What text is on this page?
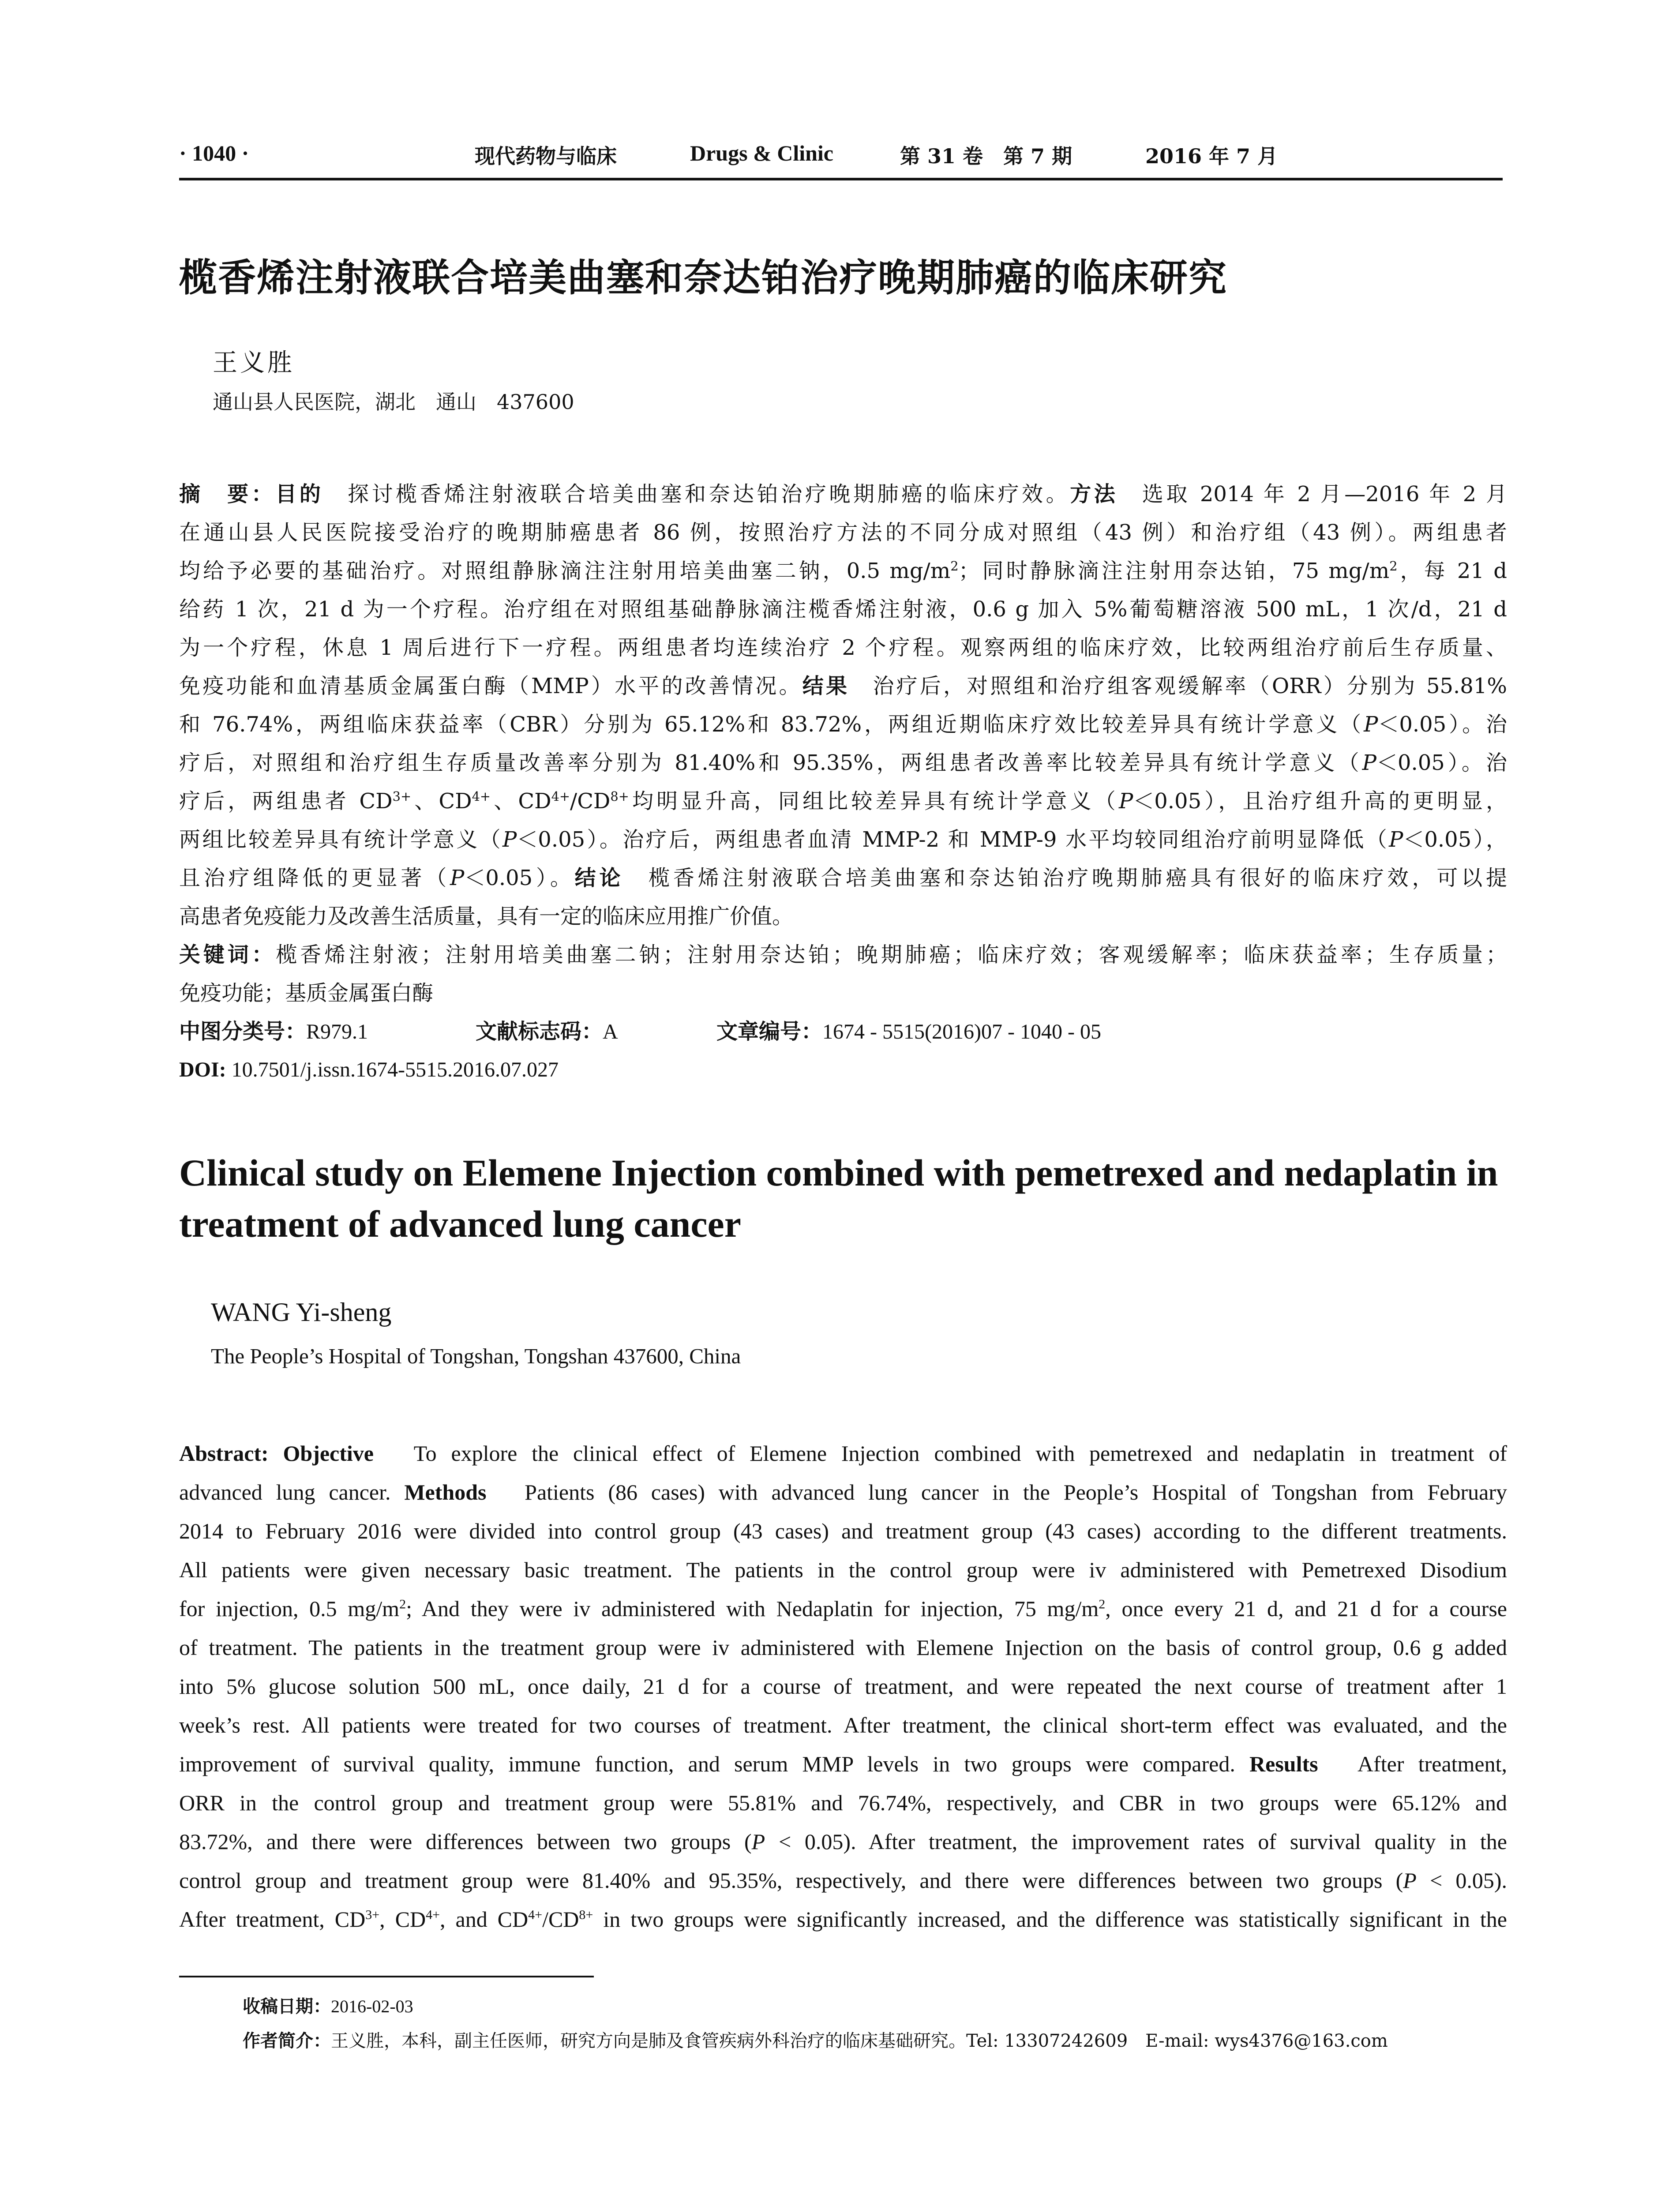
· 1040 ·	现代药物与临床	Drugs & Clinic	第 31 卷　第 7 期	2016 年 7 月
榄香烯注射液联合培美曲塞和奈达铂治疗晚期肺癌的临床研究
王义胜
通山县人民医院，湖北　通山　437600
摘　要：目的　探讨榄香烯注射液联合培美曲塞和奈达铂治疗晚期肺癌的临床疗效。方法　选取 2014 年 2 月—2016 年 2 月
在通山县人民医院接受治疗的晚期肺癌患者 86 例，按照治疗方法的不同分成对照组（43 例）和治疗组（43 例）。两组患者
均给予必要的基础治疗。对照组静脉滴注注射用培美曲塞二钠，0.5 $mg/m^2$；同时静脉滴注注射用奈达铂，75 $mg/m^2$，每 21 d
给药 1 次，21 d 为一个疗程。治疗组在对照组基础静脉滴注榄香烯注射液，0.6 g 加入 5%葡萄糖溶液 500 mL，1 次/d，21 d
为一个疗程，休息 1 周后进行下一疗程。两组患者均连续治疗 2 个疗程。观察两组的临床疗效，比较两组治疗前后生存质量、
免疫功能和血清基质金属蛋白酶（MMP）水平的改善情况。结果　治疗后，对照组和治疗组客观缓解率（ORR）分别为 55.81%
和 76.74%，两组临床获益率（CBR）分别为 65.12%和 83.72%，两组近期临床疗效比较差异具有统计学意义（P＜0.05）。治
疗后，对照组和治疗组生存质量改善率分别为 81.40%和 95.35%，两组患者改善率比较差异具有统计学意义（P＜0.05）。治
疗后，两组患者 $CD^{3+}$、$CD^{4+}$、$CD^{4+}/CD^{8+}$均明显升高，同组比较差异具有统计学意义（P＜0.05），且治疗组升高的更明显，
两组比较差异具有统计学意义（P＜0.05）。治疗后，两组患者血清 MMP-2 和 MMP-9 水平均较同组治疗前明显降低（P＜0.05），
且治疗组降低的更显著（P＜0.05）。结论　榄香烯注射液联合培美曲塞和奈达铂治疗晚期肺癌具有很好的临床疗效，可以提
高患者免疫能力及改善生活质量，具有一定的临床应用推广价值。
关键词：榄香烯注射液；注射用培美曲塞二钠；注射用奈达铂；晚期肺癌；临床疗效；客观缓解率；临床获益率；生存质量；
免疫功能；基质金属蛋白酶
中图分类号：R979.1	文献标志码：A	文章编号：1674 - 5515(2016)07 - 1040 - 05
DOI: 10.7501/j.issn.1674-5515.2016.07.027
Clinical study on Elemene Injection combined with pemetrexed and nedaplatin in treatment of advanced lung cancer
WANG Yi-sheng
The People’s Hospital of Tongshan, Tongshan 437600, China
Abstract: Objective　To explore the clinical effect of Elemene Injection combined with pemetrexed and nedaplatin in treatment of
advanced lung cancer. Methods　Patients (86 cases) with advanced lung cancer in the People’s Hospital of Tongshan from February
2014 to February 2016 were divided into control group (43 cases) and treatment group (43 cases) according to the different treatments.
All patients were given necessary basic treatment. The patients in the control group were iv administered with Pemetrexed Disodium
for injection, 0.5 $mg/m^2$; And they were iv administered with Nedaplatin for injection, 75 $mg/m^2$, once every 21 d, and 21 d for a course
of treatment. The patients in the treatment group were iv administered with Elemene Injection on the basis of control group, 0.6 g added
into 5% glucose solution 500 mL, once daily, 21 d for a course of treatment, and were repeated the next course of treatment after 1
week’s rest. All patients were treated for two courses of treatment. After treatment, the clinical short-term effect was evaluated, and the
improvement of survival quality, immune function, and serum MMP levels in two groups were compared. Results　After treatment,
ORR in the control group and treatment group were 55.81% and 76.74%, respectively, and CBR in two groups were 65.12% and
83.72%, and there were differences between two groups (P < 0.05). After treatment, the improvement rates of survival quality in the
control group and treatment group were 81.40% and 95.35%, respectively, and there were differences between two groups (P < 0.05).
After treatment, $CD^{3+}$, $CD^{4+}$, and $CD^{4+}/CD^{8+}$ in two groups were significantly increased, and the difference was statistically significant in the
收稿日期：2016-02-03
作者简介：王义胜，本科，副主任医师，研究方向是肺及食管疾病外科治疗的临床基础研究。Tel: 13307242609　E-mail: wys4376@163.com
